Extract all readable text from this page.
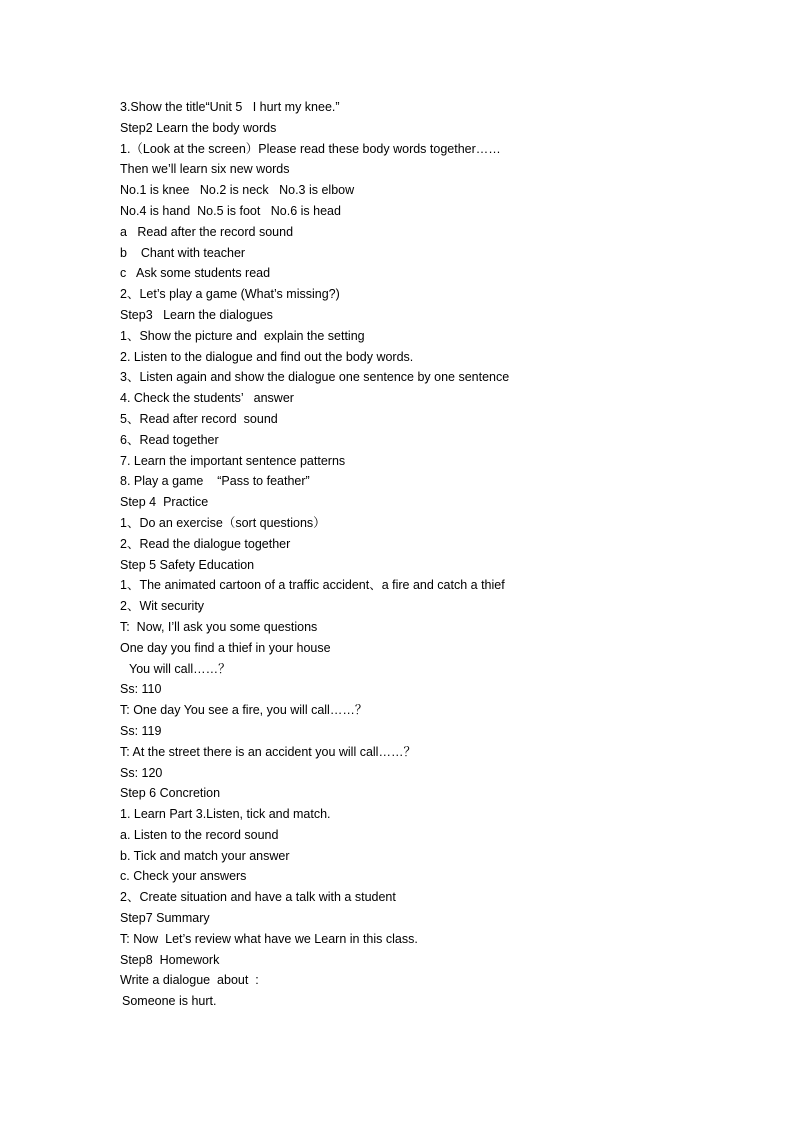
3.Show the title“Unit 5   I hurt my knee.”
Step2 Learn the body words
1.（Look at the screen）Please read these body words together……
Then we’ll learn six new words
No.1 is knee   No.2 is neck   No.3 is elbow
No.4 is hand  No.5 is foot   No.6 is head
a   Read after the record sound
b    Chant with teacher
c   Ask some students read
2、Let’s play a game (What’s missing?)
Step3   Learn the dialogues
1、Show the picture and  explain the setting
2. Listen to the dialogue and find out the body words.
3、Listen again and show the dialogue one sentence by one sentence
4. Check the students’   answer
5、Read after record  sound
6、Read together
7. Learn the important sentence patterns
8. Play a game    “Pass to feather”
Step 4  Practice
1、Do an exercise（sort questions）
2、Read the dialogue together
Step 5 Safety Education
1、The animated cartoon of a traffic accident、a fire and catch a thief
2、Wit security
T:  Now, I’ll ask you some questions
One day you find a thief in your house
You will call……？
Ss: 110
T: One day You see a fire, you will call……？
Ss: 119
T: At the street there is an accident you will call……？
Ss: 120
Step 6 Concretion
1. Learn Part 3.Listen, tick and match.
a. Listen to the record sound
b. Tick and match your answer
c. Check your answers
2、Create situation and have a talk with a student
Step7 Summary
T: Now  Let’s review what have we Learn in this class.
Step8  Homework
Write a dialogue  about  :
Someone is hurt.
